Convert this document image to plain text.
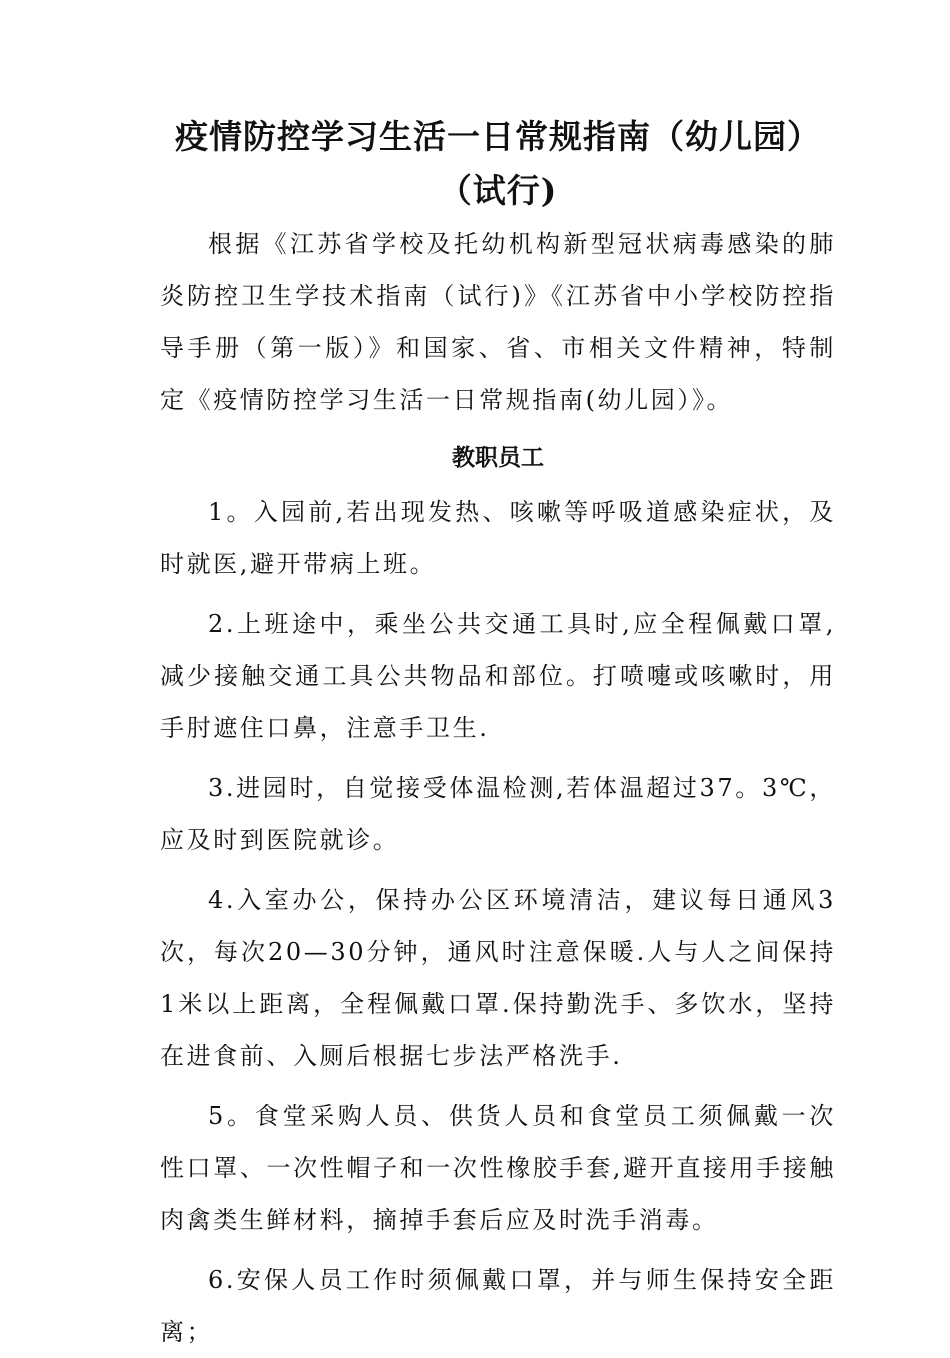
疫情防控学习生活一日常规指南（幼儿园）
（试行)

根据《江苏省学校及托幼机构新型冠状病毒感染的肺炎防控卫生学技术指南（试行)》《江苏省中小学校防控指导手册（第一版）》和国家、省、市相关文件精神，特制定《疫情防控学习生活一日常规指南(幼儿园）》。

教职员工

1。入园前,若出现发热、咳嗽等呼吸道感染症状，及时就医,避开带病上班。

2.上班途中，乘坐公共交通工具时,应全程佩戴口罩,减少接触交通工具公共物品和部位。打喷嚏或咳嗽时，用手肘遮住口鼻，注意手卫生.

3.进园时，自觉接受体温检测,若体温超过37。3℃，应及时到医院就诊。

4.入室办公，保持办公区环境清洁，建议每日通风3次，每次20—30分钟，通风时注意保暖.人与人之间保持1米以上距离，全程佩戴口罩.保持勤洗手、多饮水，坚持在进食前、入厕后根据七步法严格洗手.

5。食堂采购人员、供货人员和食堂员工须佩戴一次性口罩、一次性帽子和一次性橡胶手套,避开直接用手接触肉禽类生鲜材料，摘掉手套后应及时洗手消毒。

6.安保人员工作时须佩戴口罩，并与师生保持安全距离；
